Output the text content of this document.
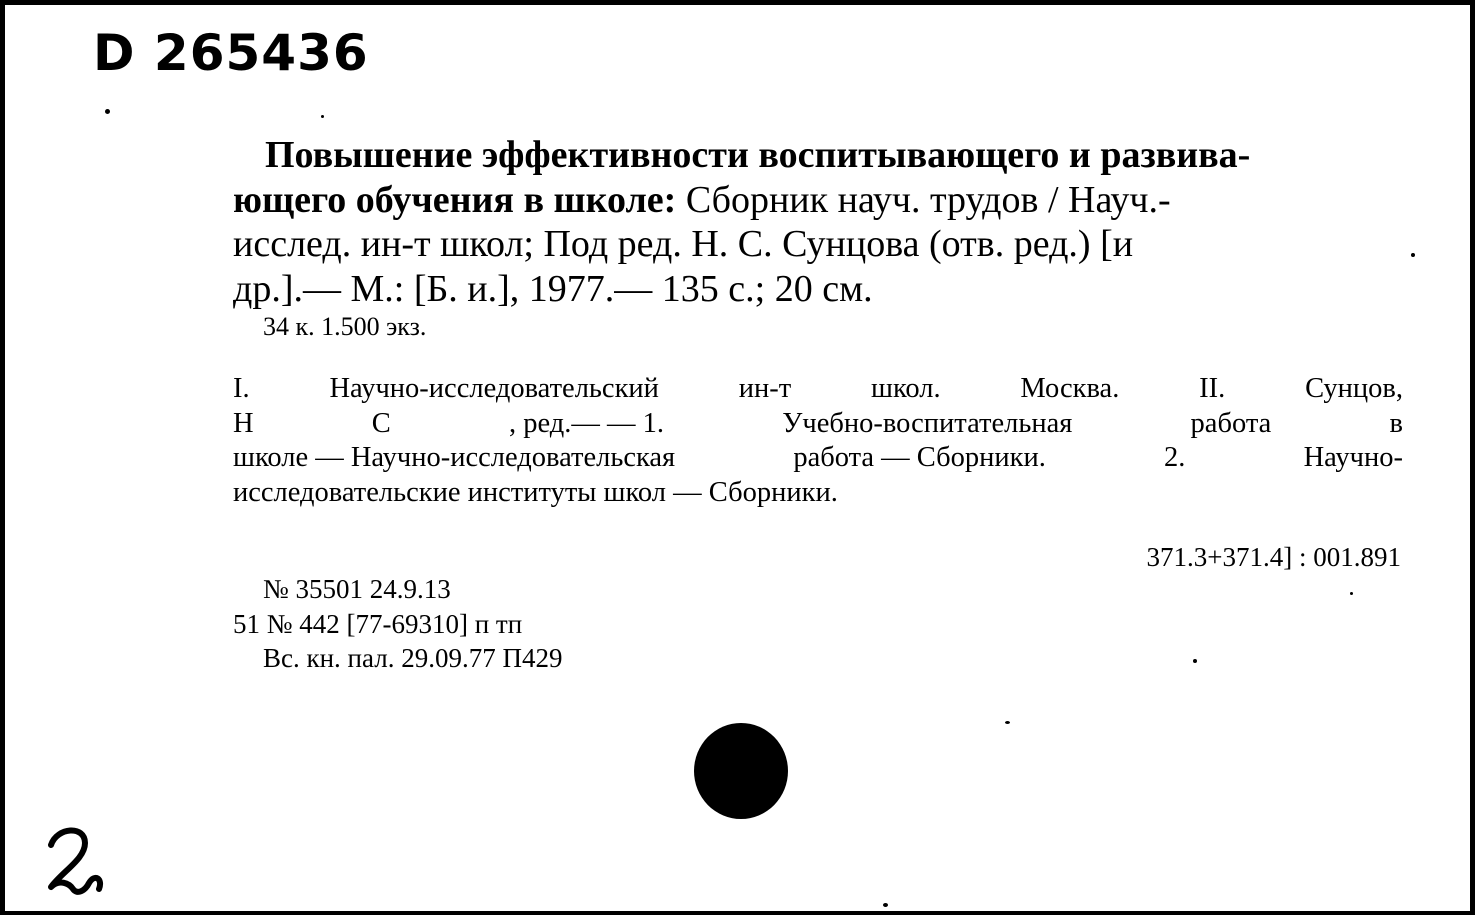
D 265436
Повышение эффективности воспитывающего и развива-
ющего обучения в школе: Сборник науч. трудов / Науч.-
исслед. ин-т школ; Под ред. Н. С. Сунцова (отв. ред.) [и
др.].— М.: [Б. и.], 1977.— 135 с.; 20 см.
34 к. 1.500 экз.
I.	Научно-исследовательский	ин-т	школ.	Москва.	II.	Сунцов,
Н	С	, ред.— — 1.	Учебно-воспитательная	работа	в
школе — Научно-исследовательская	работа — Сборники.	2.	Научно-
исследовательские институты школ — Сборники.
371.3+371.4] : 001.891
№ 35501 24.9.13
51 № 442 [77-69310] п тп
Вс. кн. пал. 29.09.77 П429
